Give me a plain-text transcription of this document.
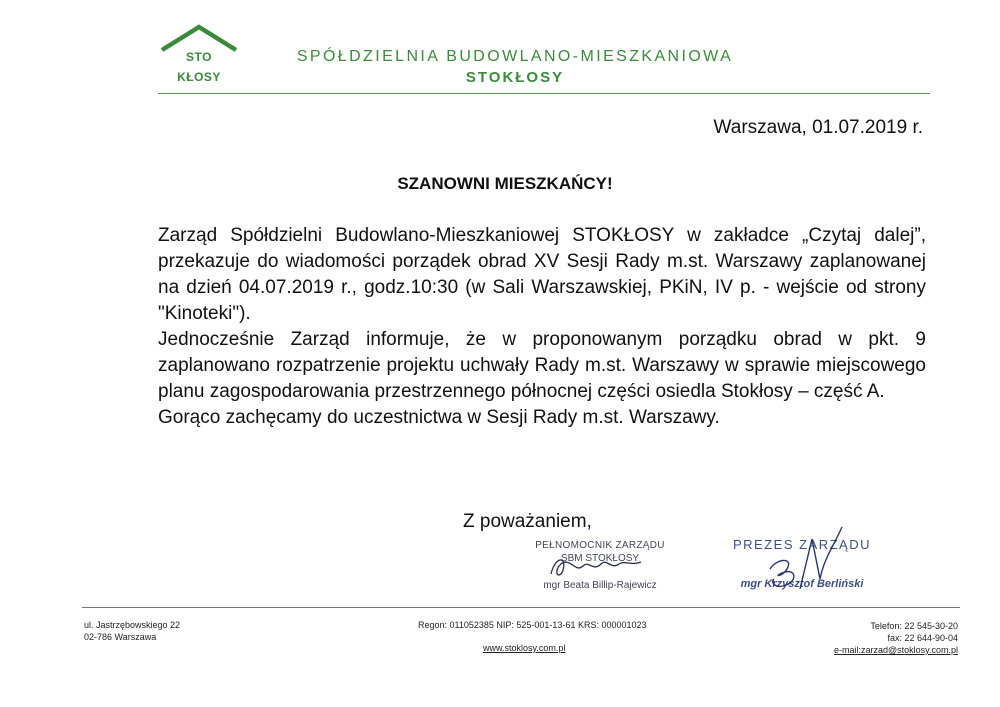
STO
KŁOSY
SPÓŁDZIELNIA BUDOWLANO-MIESZKANIOWA
STOKŁOSY
Warszawa, 01.07.2019 r.
SZANOWNI MIESZKAŃCY!

Zarząd Spółdzielni Budowlano-Mieszkaniowej STOKŁOSY w zakładce „Czytaj dalej”, przekazuje do wiadomości porządek obrad XV Sesji Rady m.st. Warszawy zaplanowanej na dzień 04.07.2019 r., godz.10:30 (w Sali Warszawskiej, PKiN, IV p. - wejście od strony "Kinoteki").

Jednocześnie Zarząd informuje, że w proponowanym porządku obrad w pkt. 9 zaplanowano rozpatrzenie projektu uchwały Rady m.st. Warszawy w sprawie miejscowego planu zagospodarowania przestrzennego północnej części osiedla Stokłosy – część A.

Gorąco zachęcamy do uczestnictwa w Sesji Rady m.st. Warszawy.

Z poważaniem,
PEŁNOMOCNIK ZARZĄDU
SBM STOKŁOSY
mgr Beata Billip-Rajewicz
PREZES ZARZĄDU
mgr Krzysztof Berliński
ul. Jastrzębowskiego 22
02-786 Warszawa
Regon: 011052385 NIP: 525-001-13-61 KRS: 000001023
www.stoklosy.com.pl
Telefon: 22 545-30-20
fax: 22 644-90-04
e-mail:zarzad@stoklosy.com.pl
